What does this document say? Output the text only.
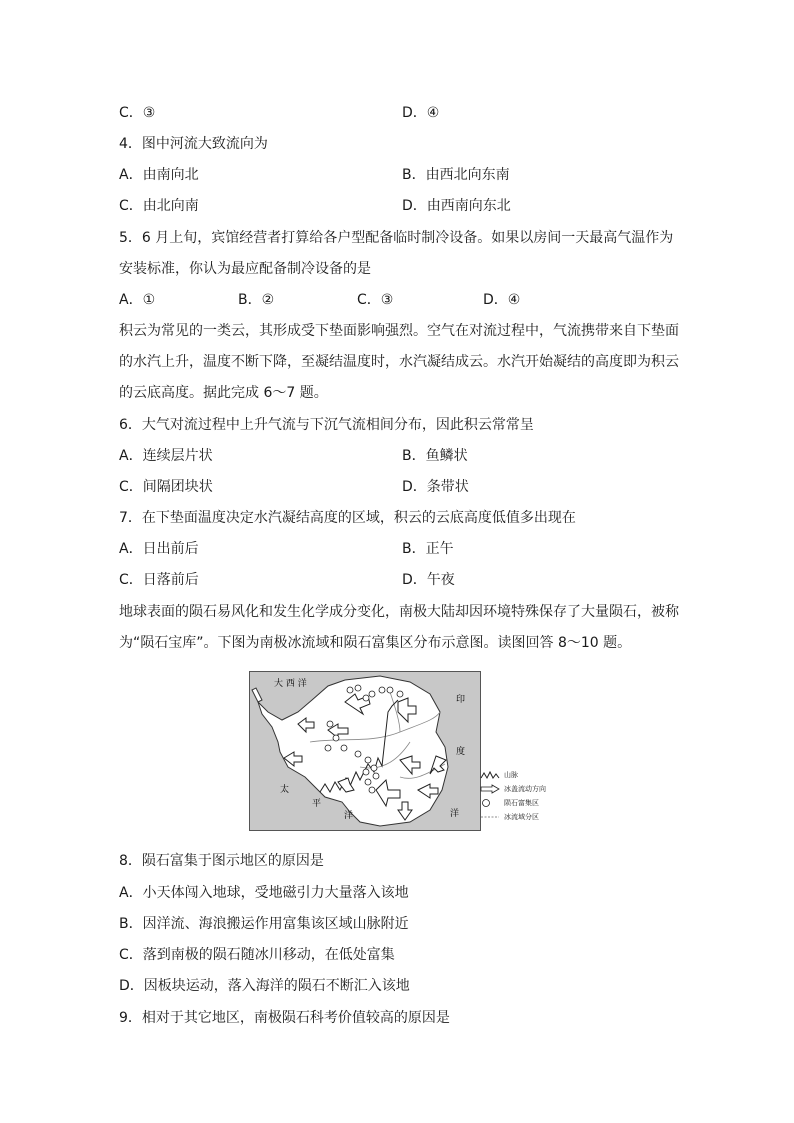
C．③	D．④
4．图中河流大致流向为
A．由南向北	B．由西北向东南
C．由北向南	D．由西南向东北
5．6 月上旬，宾馆经营者打算给各户型配备临时制冷设备。如果以房间一天最高气温作为
安装标准，你认为最应配备制冷设备的是
A．①	B．②	C．③	D．④
积云为常见的一类云，其形成受下垫面影响强烈。空气在对流过程中，气流携带来自下垫面
的水汽上升，温度不断下降，至凝结温度时，水汽凝结成云。水汽开始凝结的高度即为积云
的云底高度。据此完成 6～7 题。
6．大气对流过程中上升气流与下沉气流相间分布，因此积云常常呈
A．连续层片状	B．鱼鳞状
C．间隔团块状	D．条带状
7．在下垫面温度决定水汽凝结高度的区域，积云的云底高度低值多出现在
A．日出前后	B．正午
C．日落前后	D．午夜
地球表面的陨石易风化和发生化学成分变化，南极大陆却因环境特殊保存了大量陨石，被称
为“陨石宝库”。下图为南极冰流域和陨石富集区分布示意图。读图回答 8～10 题。
大 西 洋
印
度
洋
太
平
洋
山脉
冰盖流动方向
陨石富集区
冰流域分区
8．陨石富集于图示地区的原因是
A．小天体闯入地球，受地磁引力大量落入该地
B．因洋流、海浪搬运作用富集该区域山脉附近
C．落到南极的陨石随冰川移动，在低处富集
D．因板块运动，落入海洋的陨石不断汇入该地
9．相对于其它地区，南极陨石科考价值较高的原因是
